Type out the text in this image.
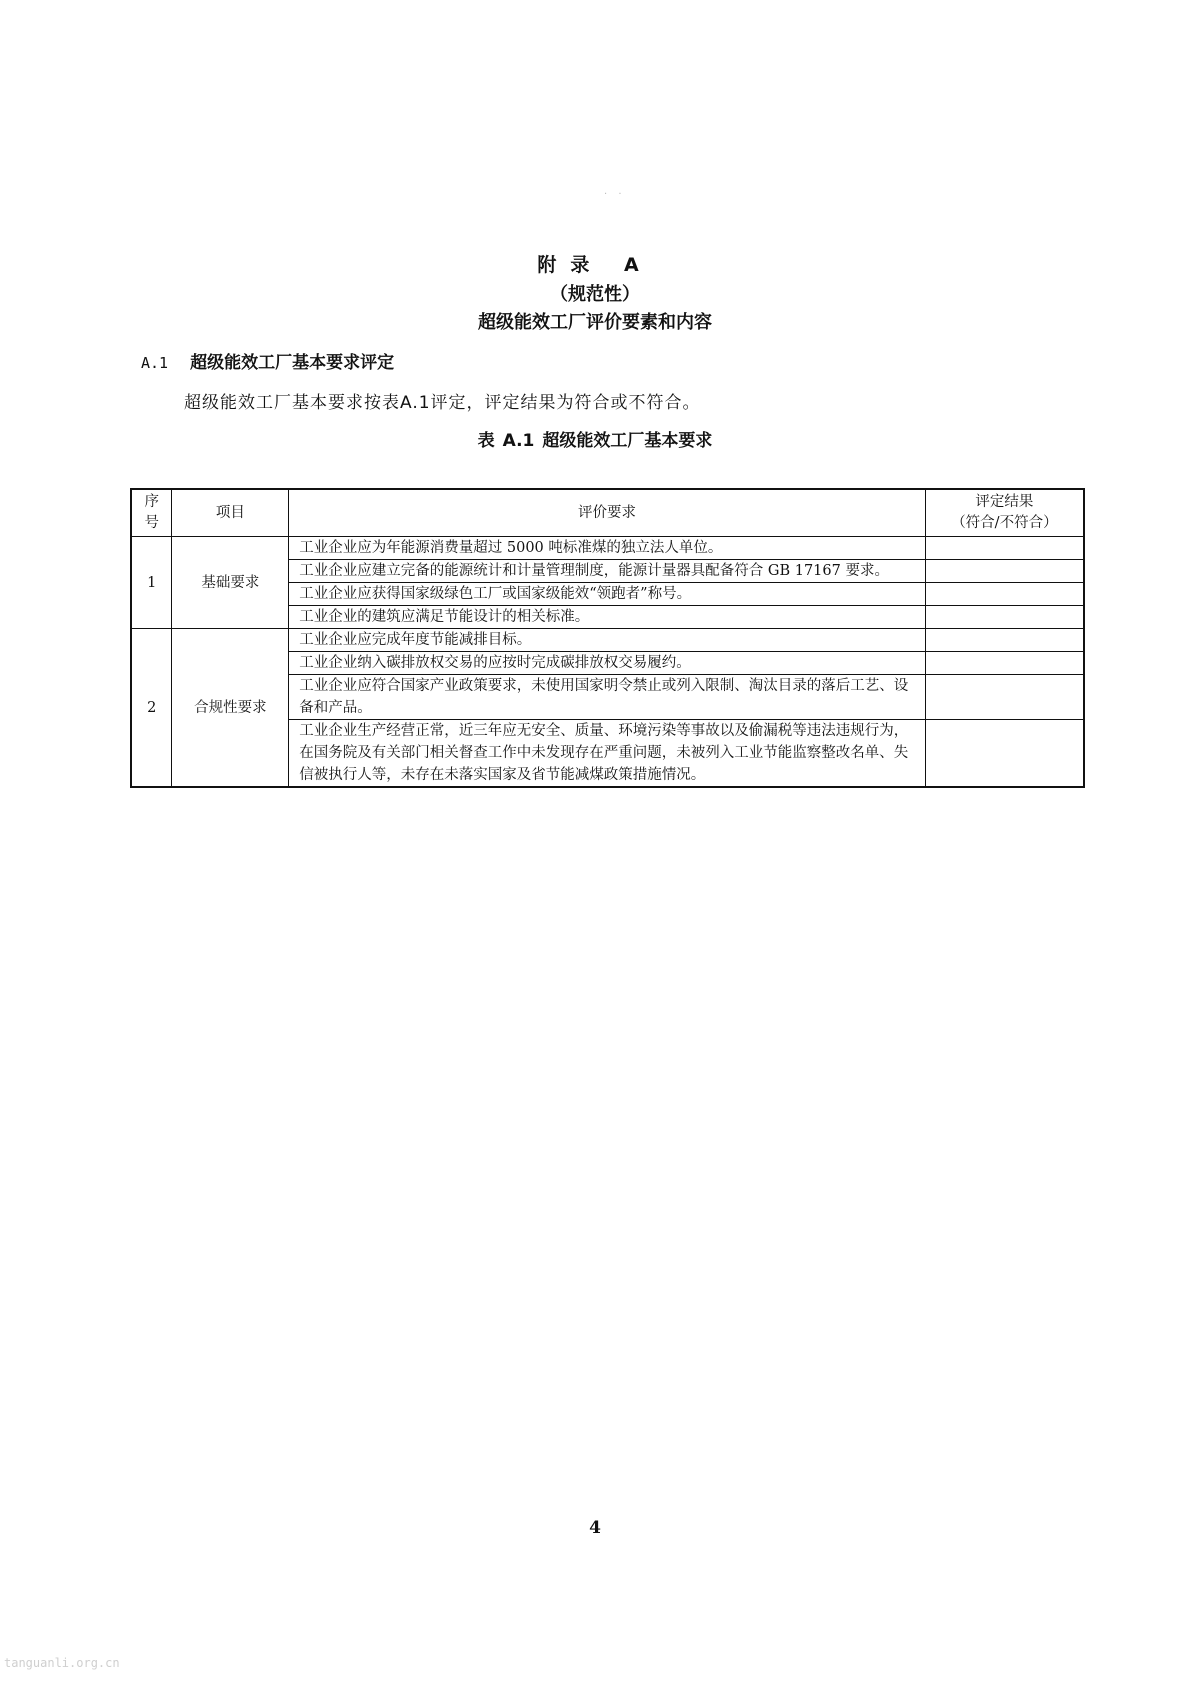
. .
附录 A
（规范性）
超级能效工厂评价要素和内容
A.1 超级能效工厂基本要求评定
超级能效工厂基本要求按表A.1评定，评定结果为符合或不符合。
表 A.1 超级能效工厂基本要求
序号	项目	评价要求	评定结果
（符合/不符合）

1	基础要求	工业企业应为年能源消费量超过 5000 吨标准煤的独立法人单位。	
		工业企业应建立完备的能源统计和计量管理制度，能源计量器具配备符合 GB 17167 要求。	
		工业企业应获得国家级绿色工厂或国家级能效“领跑者”称号。	
		工业企业的建筑应满足节能设计的相关标准。	
2	合规性要求	工业企业应完成年度节能减排目标。	
		工业企业纳入碳排放权交易的应按时完成碳排放权交易履约。	
		工业企业应符合国家产业政策要求，未使用国家明令禁止或列入限制、淘汰目录的落后工艺、设备和产品。	
		工业企业生产经营正常，近三年应无安全、质量、环境污染等事故以及偷漏税等违法违规行为，在国务院及有关部门相关督查工作中未发现存在严重问题，未被列入工业节能监察整改名单、失信被执行人等，未存在未落实国家及省节能减煤政策措施情况。	
4
tanguanli.org.cn
